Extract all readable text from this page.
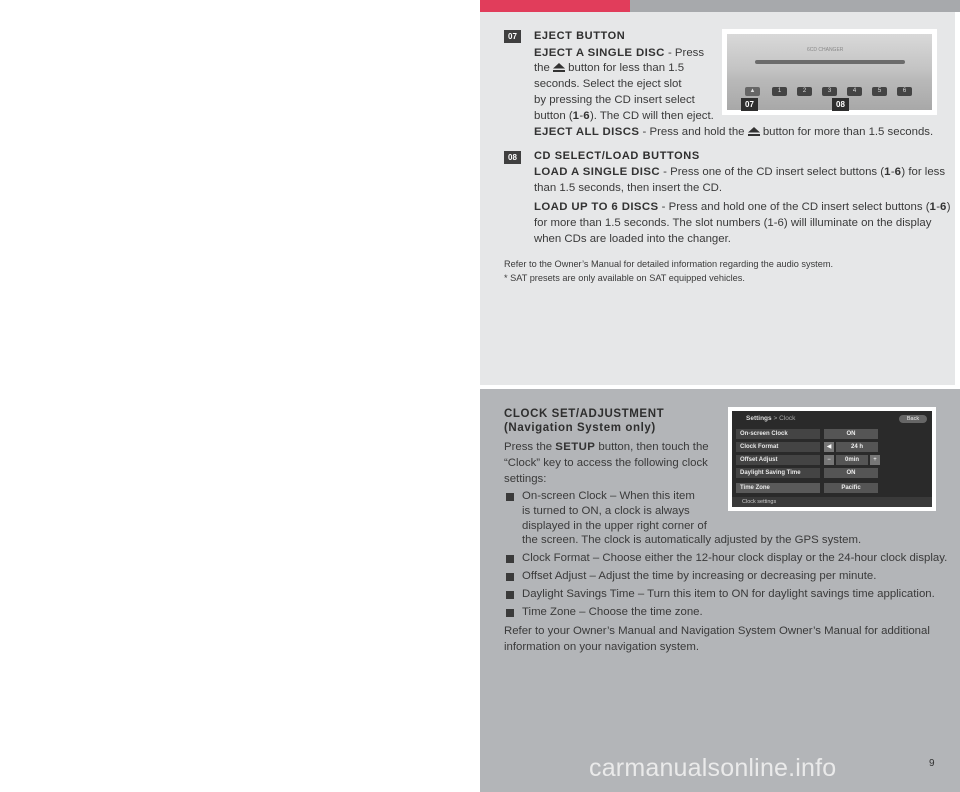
07	EJECT BUTTON

EJECT A SINGLE DISC - Press

the  button for less than 1.5

seconds. Select the eject slot

by pressing the CD insert select

button (1-6). The CD will then eject.

EJECT ALL DISCS - Press and hold the  button for more than 1.5 seconds.

6CD CHANGER
▲	1	2	3	4	5	6
07	08
08	CD SELECT/LOAD BUTTONS

LOAD A SINGLE DISC - Press one of the CD insert select buttons (1-6) for less

than 1.5 seconds, then insert the CD.

LOAD UP TO 6 DISCS - Press and hold one of the CD insert select buttons (1-6)

for more than 1.5 seconds. The slot numbers (1-6) will illuminate on the display

when CDs are loaded into the changer.

Refer to the Owner’s Manual for detailed information regarding the audio system.
* SAT presets are only available on SAT equipped vehicles.

CLOCK SET/ADJUSTMENT

(Navigation System only)

Press the SETUP button, then touch the

“Clock” key to access the following clock

settings:

On-screen Clock – When this item

is turned to ON, a clock is always

displayed in the upper right corner of

the screen. The clock is automatically adjusted by the GPS system.

Clock Format – Choose either the 12-hour clock display or the 24-hour clock display.

Offset Adjust – Adjust the time by increasing or decreasing per minute.

Daylight Savings Time – Turn this item to ON for daylight savings time application.

Time Zone – Choose the time zone.

Refer to your Owner’s Manual and Navigation System Owner’s Manual for additional

information on your navigation system.

Settings > Clock	Back
On-screen Clock	ON
Clock Format	◀	24 h
Offset Adjust	−	0min	+
Daylight Saving Time	ON
Time Zone	Pacific
Clock settings
9
carmanualsonline.info
